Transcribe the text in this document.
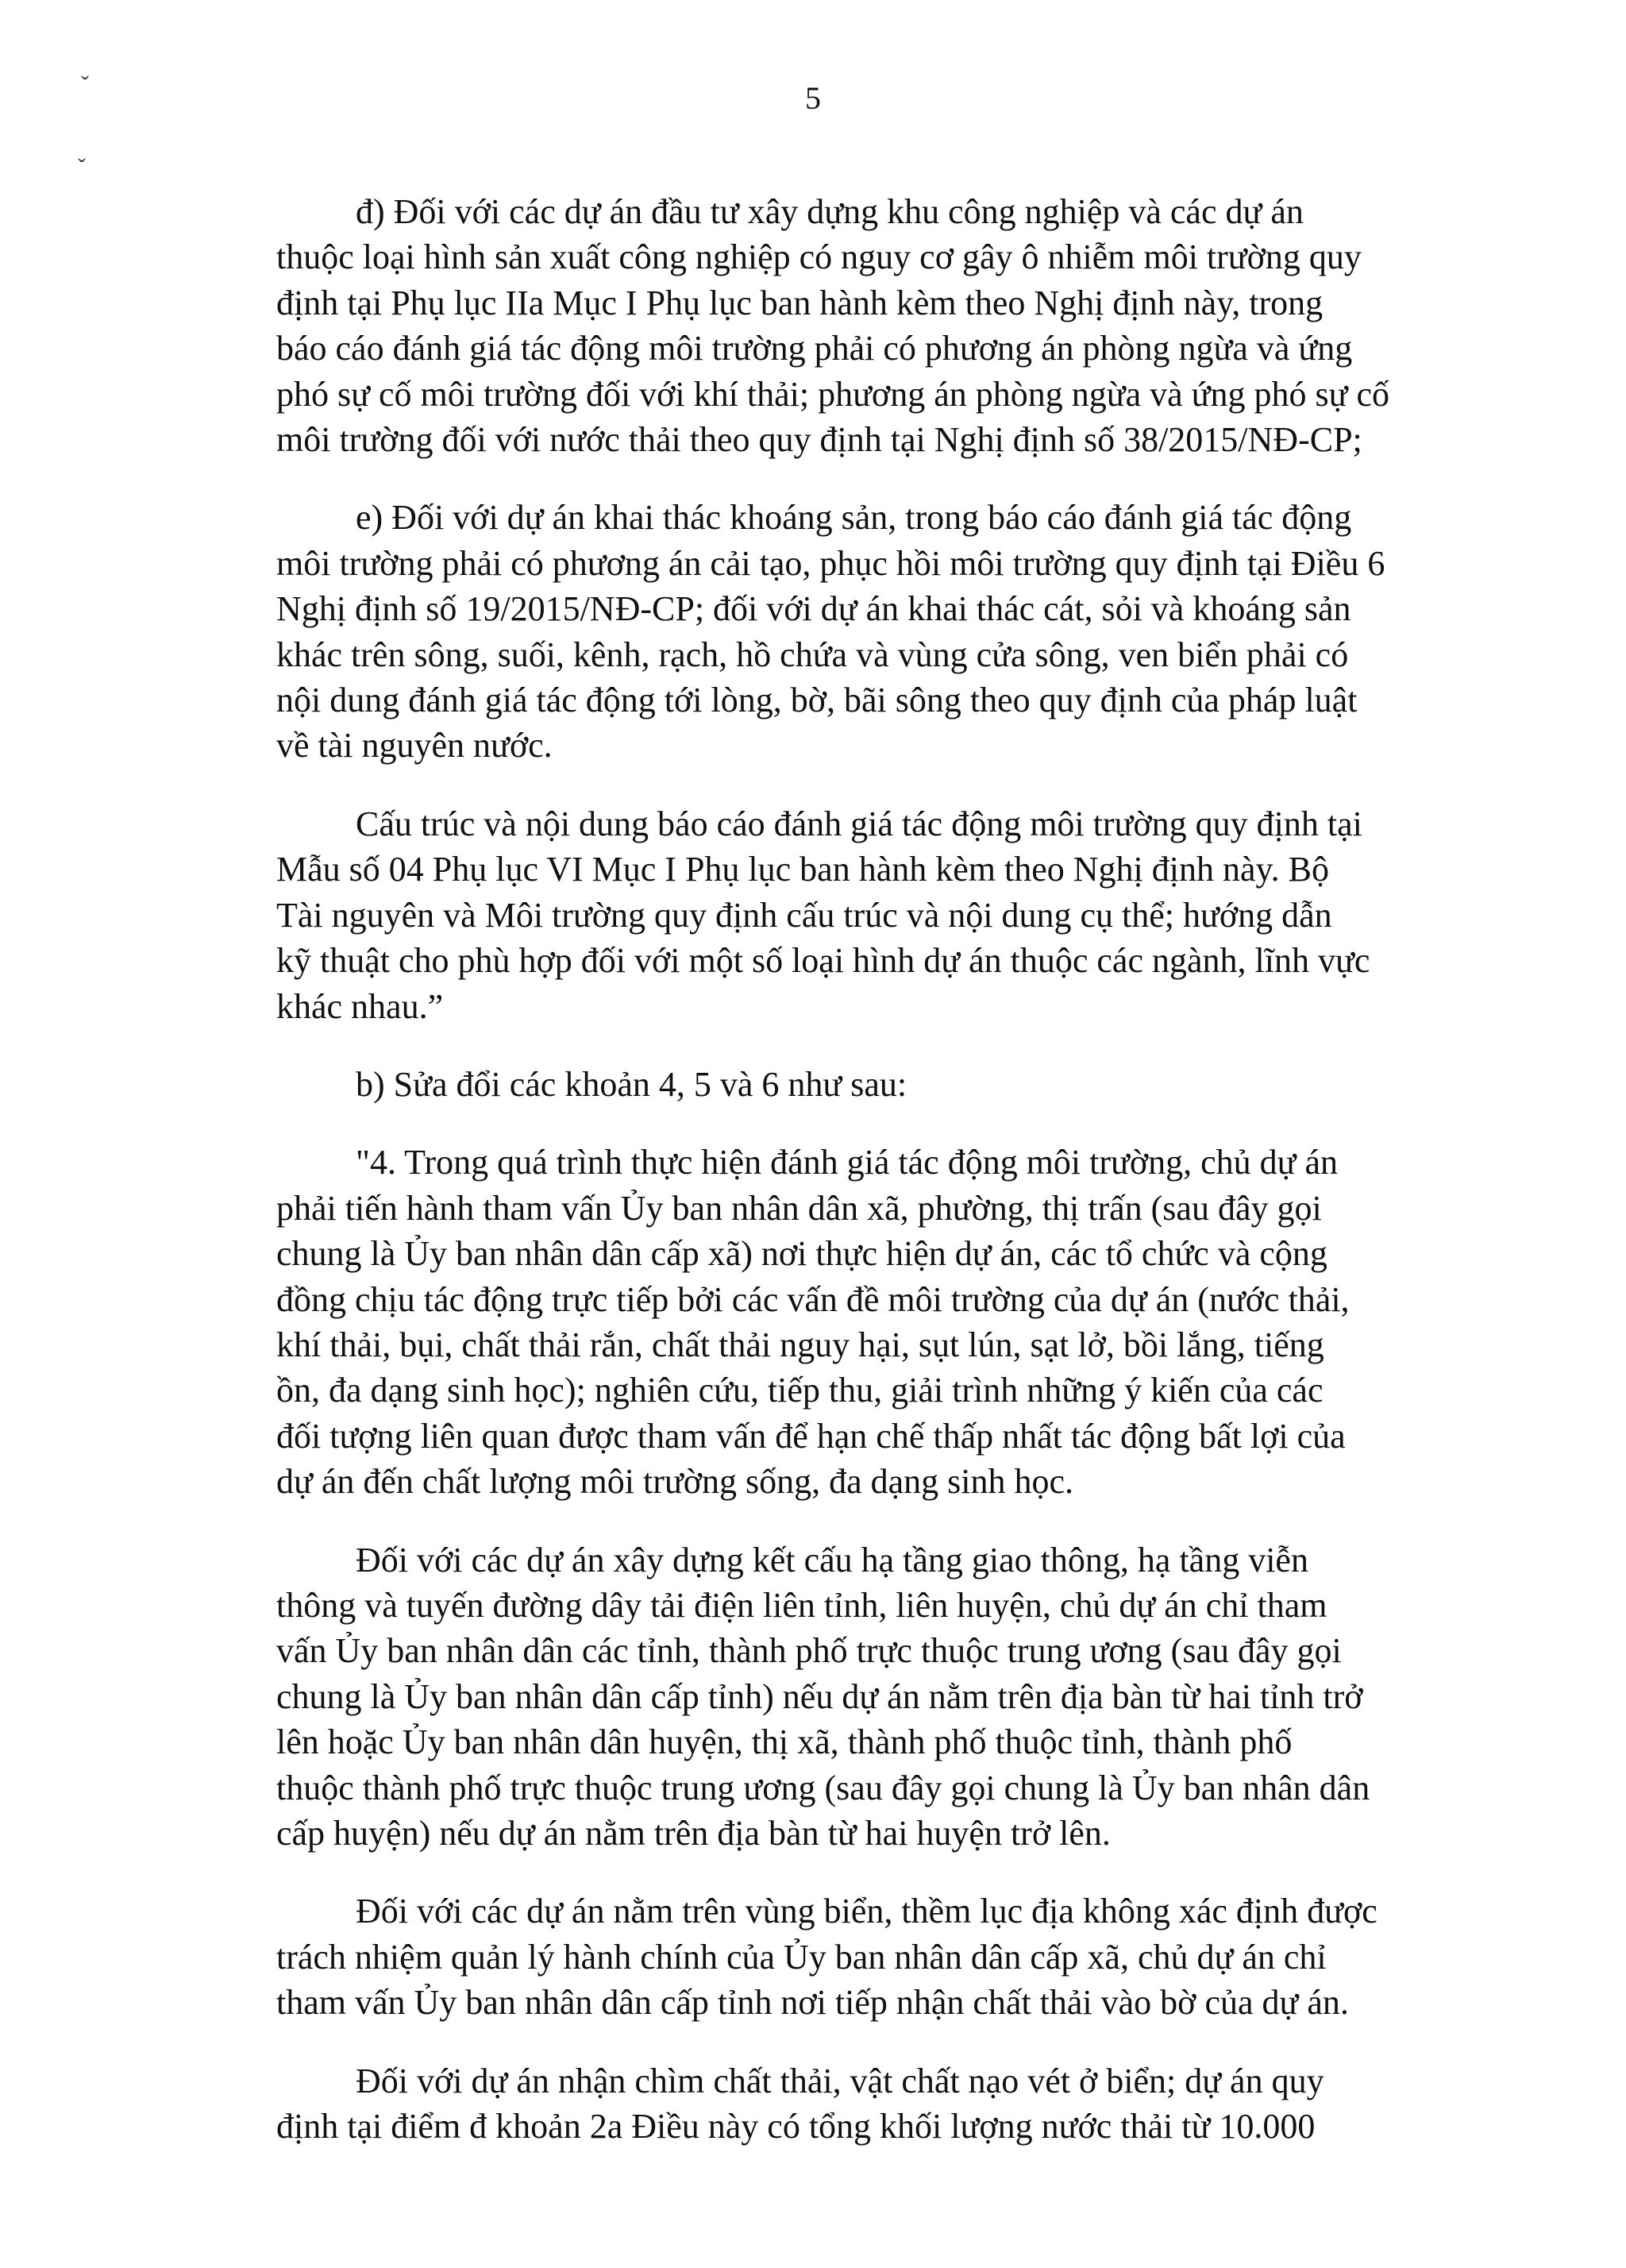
ˇ
ˇ
5

đ) Đối với các dự án đầu tư xây dựng khu công nghiệp và các dự án
thuộc loại hình sản xuất công nghiệp có nguy cơ gây ô nhiễm môi trường quy
định tại Phụ lục IIa Mục I Phụ lục ban hành kèm theo Nghị định này, trong
báo cáo đánh giá tác động môi trường phải có phương án phòng ngừa và ứng
phó sự cố môi trường đối với khí thải; phương án phòng ngừa và ứng phó sự cố
môi trường đối với nước thải theo quy định tại Nghị định số 38/2015/NĐ-CP;

e) Đối với dự án khai thác khoáng sản, trong báo cáo đánh giá tác động
môi trường phải có phương án cải tạo, phục hồi môi trường quy định tại Điều 6
Nghị định số 19/2015/NĐ-CP; đối với dự án khai thác cát, sỏi và khoáng sản
khác trên sông, suối, kênh, rạch, hồ chứa và vùng cửa sông, ven biển phải có
nội dung đánh giá tác động tới lòng, bờ, bãi sông theo quy định của pháp luật
về tài nguyên nước.

Cấu trúc và nội dung báo cáo đánh giá tác động môi trường quy định tại
Mẫu số 04 Phụ lục VI Mục I Phụ lục ban hành kèm theo Nghị định này. Bộ
Tài nguyên và Môi trường quy định cấu trúc và nội dung cụ thể; hướng dẫn
kỹ thuật cho phù hợp đối với một số loại hình dự án thuộc các ngành, lĩnh vực
khác nhau.”

b) Sửa đổi các khoản 4, 5 và 6 như sau:

"4. Trong quá trình thực hiện đánh giá tác động môi trường, chủ dự án
phải tiến hành tham vấn Ủy ban nhân dân xã, phường, thị trấn (sau đây gọi
chung là Ủy ban nhân dân cấp xã) nơi thực hiện dự án, các tổ chức và cộng
đồng chịu tác động trực tiếp bởi các vấn đề môi trường của dự án (nước thải,
khí thải, bụi, chất thải rắn, chất thải nguy hại, sụt lún, sạt lở, bồi lắng, tiếng
ồn, đa dạng sinh học); nghiên cứu, tiếp thu, giải trình những ý kiến của các
đối tượng liên quan được tham vấn để hạn chế thấp nhất tác động bất lợi của
dự án đến chất lượng môi trường sống, đa dạng sinh học.

Đối với các dự án xây dựng kết cấu hạ tầng giao thông, hạ tầng viễn
thông và tuyến đường dây tải điện liên tỉnh, liên huyện, chủ dự án chỉ tham
vấn Ủy ban nhân dân các tỉnh, thành phố trực thuộc trung ương (sau đây gọi
chung là Ủy ban nhân dân cấp tỉnh) nếu dự án nằm trên địa bàn từ hai tỉnh trở
lên hoặc Ủy ban nhân dân huyện, thị xã, thành phố thuộc tỉnh, thành phố
thuộc thành phố trực thuộc trung ương (sau đây gọi chung là Ủy ban nhân dân
cấp huyện) nếu dự án nằm trên địa bàn từ hai huyện trở lên.

Đối với các dự án nằm trên vùng biển, thềm lục địa không xác định được
trách nhiệm quản lý hành chính của Ủy ban nhân dân cấp xã, chủ dự án chỉ
tham vấn Ủy ban nhân dân cấp tỉnh nơi tiếp nhận chất thải vào bờ của dự án.

Đối với dự án nhận chìm chất thải, vật chất nạo vét ở biển; dự án quy
định tại điểm đ khoản 2a Điều này có tổng khối lượng nước thải từ 10.000
